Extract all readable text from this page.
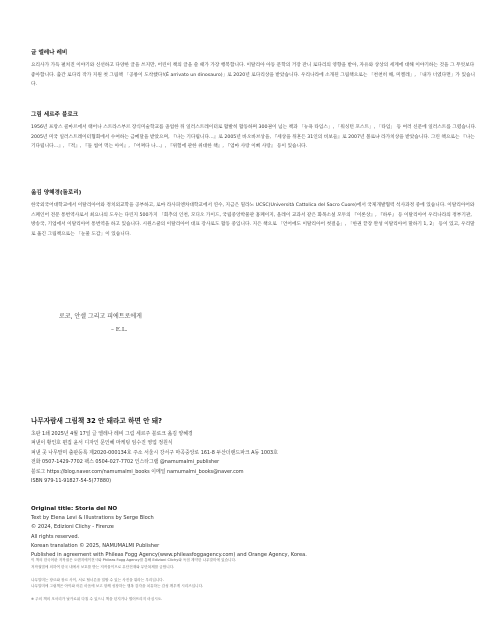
글 엘레나 레비
요리사가 가득 펼쳐진 이야기와 신선하고 다양한 글을 쓰지만, 어린이 책의 글을 쓸 때가 가장 행복합니다. 이탈리아 아동 문학의 거장 잔니 로다리의 영향을 받아, 자유와 상상의 세계에 대해 이야기하는 것을 그 무엇보다 좋아합니다. 출간 로다리 작가 지원 첫 그림책 「공룡이 도착했다!(È arrivato un dinosauro)」로 2020년 로다리상을 받았습니다. 우리나라에 소개된 그림책으로는 「천천히 해, 미켈레」, 「내가 너였다면」가 있습니다.
그림 세르주 블로크
1956년 프랑스 콜마르에서 태어나 스트라스부르 장식미술학교를 졸업한 뒤 일러스트레이터로 활발히 활동하며 300권이 넘는 책과 「뉴욕 타임스」, 「워싱턴 포스트」, 「타임」 등 여러 신문에 일러스트를 그렸습니다. 2005년 미국 일러스트레이터협회에서 수여하는 금메달을 받았으며, 『나는 기다립니다…』로 2005년 바오바브상을, 『세상을 뒤흔든 31인의 비보들』로 2007년 볼로냐 라가치상을 받았습니다. 그린 책으로는 『나는 기다립니다…』, 『적』, 『돌 씹어 먹는 아이』, 『어쩌다 나...』, 『위험에 관한 위대한 책』, 『엄마 사랑 이삐 사랑』 등이 있습니다.
옮김 양혜경(돌로리)
한국외국어대학교에서 이탈리아어와 정치외교학을 공부하고, 로마 라사피엔차대학교에서 연수, 지금은 밀라노 UCSC(Università Cattolica del Sacro Cuore)에서 국제개발협력 석사과정 중에 있습니다. 이탈리아어와 스페인어 전문 통번역사로서 최요나의 도우는 다린지 500가지 「회추의 인천, 모디오 가이드, 국립중앙박물관 홈페이지, 올레이 교과서 같은 화목소설 모두의 『이론상』, 『하루』 등 이탈리아어 우리나라의 정부기관, 방송국, 기업에서 이탈리아어 통번역을 하고 있습니다. 시원스쿨의 이탈리아어 대표 강사로도 활동 중입니다. 지은 책으로 「언어에도 이탈리아어 첫걸음」, 「한권 끝장 완성 이탈리아어 말하기 1, 2」 등이 있고, 우리말로 옮긴 그림책으로는 「눈물 도감」이 있습니다.
로코, 안셀 그리고 피에트로에게
– E.L.
나무자람새 그림책 32 안 돼라고 하면 안 돼?
초판 1쇄 2025년 4월 17일 글 엘레나 레비 그림 세르주 블로크 옮김 양혜경
펴낸이 황인호 편집 윤서 디자인 문인혜 마케팅 임수진 영업 정원식
펴낸 곳 나무말미 출판등록 제2020-000134호 주소 서울시 강서구 마곡중앙로 161-8 두산더랜드파크 A동 1003호
전화 0507-1429-7702 팩스 0504-027-7702 인스타그램 @namumalmi_publisher
블로그 https://blog.naver.com/namumalmi_books 이메일 namumalmi_books@naver.com
ISBN 979-11-91827-54-5(77880)
Original title: Storia del NO
Text by Elena Levi & Illustrations by Serge Bloch
© 2024, Edizioni Clichy - Firenze
All rights reserved.
Korean translation © 2025, NAMUMALMI Publisher
Published in agreement with Phileas Fogg Agency(www.phileasfoggagency.com) and Orange Agency, Korea.
이 책의 한국어판 저작권은 오렌지에이전시와 Phileas Fogg Agency를 통해 Edizioni Clichy와 독점 계약한 나무말미에 있습니다.
저작권법에 의하여 한국 내에서 보호를 받는 저작물이므로 무단전재와 무단복제를 금합니다.
나무말미는 장르와 장르 사이, 서로 헐너른을 밀할 수 있는 사진을 뭐라는 우리입니다.
나무말미에 그림책은 아이와 어른 마음에 보고 함께 성장하는 행복 감각을 치유하는 감성 깨우게 시리즈입니다.
※ 주의 책의 모서리가 날카로워 다칠 수 있으니 책을 던지거나 떨어뜨리지 마십시오.
